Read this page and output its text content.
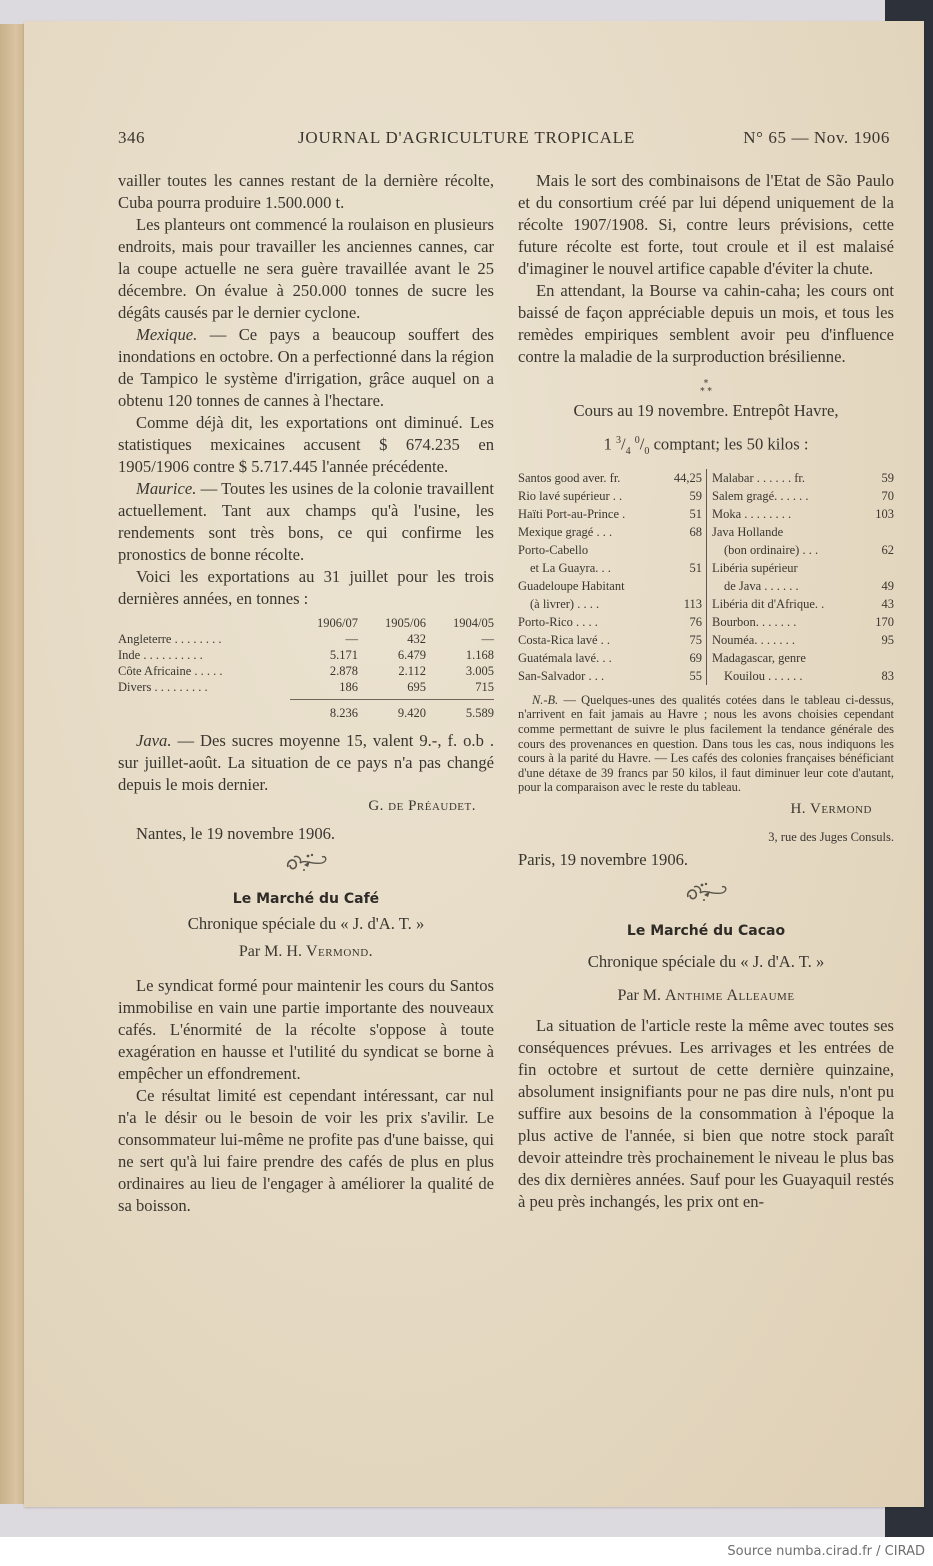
346	JOURNAL D'AGRICULTURE TROPICALE	N° 65 — Nov. 1906

vailler toutes les cannes restant de la dernière récolte, Cuba pourra produire 1.500.000 t.

Les planteurs ont commencé la roulaison en plusieurs endroits, mais pour travailler les anciennes cannes, car la coupe actuelle ne sera guère travaillée avant le 25 décembre. On évalue à 250.000 tonnes de sucre les dégâts causés par le dernier cyclone.

Mexique. — Ce pays a beaucoup souffert des inondations en octobre. On a perfectionné dans la région de Tampico le système d'irrigation, grâce auquel on a obtenu 120 tonnes de cannes à l'hectare.

Comme déjà dit, les exportations ont diminué. Les statistiques mexicaines accusent $ 674.235 en 1905/1906 contre $ 5.717.445 l'année précédente.

Maurice. — Toutes les usines de la colonie travaillent actuellement. Tant aux champs qu'à l'usine, les rendements sont très bons, ce qui confirme les pronostics de bonne récolte.

Voici les exportations au 31 juillet pour les trois dernières années, en tonnes :

	1906/07	1905/06	1904/05
Angleterre . . . . . . . .	—	432	—
Inde . . . . . . . . . .	5.171	6.479	1.168
Côte Africaine . . . . .	2.878	2.112	3.005
Divers . . . . . . . . .	186	695	715

	8.236	9.420	5.589

Java. — Des sucres moyenne 15, valent 9.-, f. o.b . sur juillet-août. La situation de ce pays n'a pas changé depuis le mois dernier.

G. de Préaudet.
Nantes, le 19 novembre 1906.
Le Marché du Café
Chronique spéciale du « J. d'A. T. »
Par M. H. Vermond.

Le syndicat formé pour maintenir les cours du Santos immobilise en vain une partie importante des nouveaux cafés. L'énormité de la récolte s'oppose à toute exagération en hausse et l'utilité du syndicat se borne à empêcher un effondrement.

Ce résultat limité est cependant intéressant, car nul n'a le désir ou le besoin de voir les prix s'avilir. Le consommateur lui-même ne profite pas d'une baisse, qui ne sert qu'à lui faire prendre des cafés de plus en plus ordinaires au lieu de l'engager à améliorer la qualité de sa boisson.

Mais le sort des combinaisons de l'Etat de São Paulo et du consortium créé par lui dépend uniquement de la récolte 1907/1908. Si, contre leurs prévisions, cette future récolte est forte, tout croule et il est malaisé d'imaginer le nouvel artifice capable d'éviter la chute.

En attendant, la Bourse va cahin-caha; les cours ont baissé de façon appréciable depuis un mois, et tous les remèdes empiriques semblent avoir peu d'influence contre la maladie de la surproduction brésilienne.

*
* *
Cours au 19 novembre. Entrepôt Havre,
1 $^3/_4$ $^0/_0$ comptant; les 50 kilos :
Santos good aver. fr.	44,25
Rio lavé supérieur . .	59
Haïti Port-au-Prince .	51
Mexique gragé . . .	68
Porto-Cabello
et La Guayra. . .	51
Guadeloupe Habitant
(à livrer) . . . .	113
Porto-Rico . . . .	76
Costa-Rica lavé . .	75
Guatémala lavé. . .	69
San-Salvador . . .	55
Malabar . . . . . . fr.	59
Salem gragé. . . . . .	70
Moka . . . . . . . .	103
Java Hollande
(bon ordinaire) . . .	62
Libéria supérieur
de Java . . . . . .	49
Libéria dit d'Afrique. .	43
Bourbon. . . . . . .	170
Nouméa. . . . . . .	95
Madagascar, genre
Kouilou . . . . . .	83
N.-B. — Quelques-unes des qualités cotées dans le tableau ci-dessus, n'arrivent en fait jamais au Havre ; nous les avons choisies cependant comme permettant de suivre le plus facilement la tendance générale des cours des provenances en question. Dans tous les cas, nous indiquons les cours à la parité du Havre. — Les cafés des colonies françaises bénéficiant d'une détaxe de 39 francs par 50 kilos, il faut diminuer leur cote d'autant, pour la comparaison avec le reste du tableau.
H. Vermond
3, rue des Juges Consuls.
Paris, 19 novembre 1906.
Le Marché du Cacao
Chronique spéciale du « J. d'A. T. »
Par M. Anthime Alleaume

La situation de l'article reste la même avec toutes ses conséquences prévues. Les arrivages et les entrées de fin octobre et surtout de cette dernière quinzaine, absolument insignifiants pour ne pas dire nuls, n'ont pu suffire aux besoins de la consommation à l'époque la plus active de l'année, si bien que notre stock paraît devoir atteindre très prochainement le niveau le plus bas des dix dernières années. Sauf pour les Guayaquil restés à peu près inchangés, les prix ont en-

Source numba.cirad.fr / CIRAD
